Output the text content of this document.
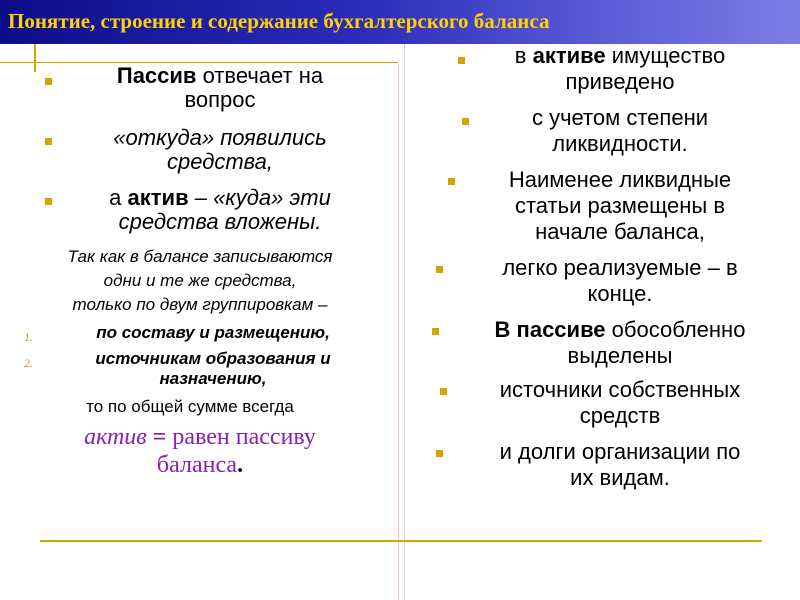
Понятие, строение и содержание бухгалтерского баланса
Пассив отвечает на
вопрос
«откуда» появились
средства,
а актив – «куда» эти
средства вложены.
Так как в балансе записываются
одни и те же средства,
только по двум группировкам –
1.	по составу и размещению,
2.	источникам образования и
назначению,
то по общей сумме всегда
актив = равен пассиву
баланса.
в активе имущество
приведено
с учетом степени
ликвидности.
Наименее ликвидные
статьи размещены в
начале баланса,
легко реализуемые – в
конце.
В пассиве обособленно
выделены
источники собственных
средств
и долги организации по
их видам.
